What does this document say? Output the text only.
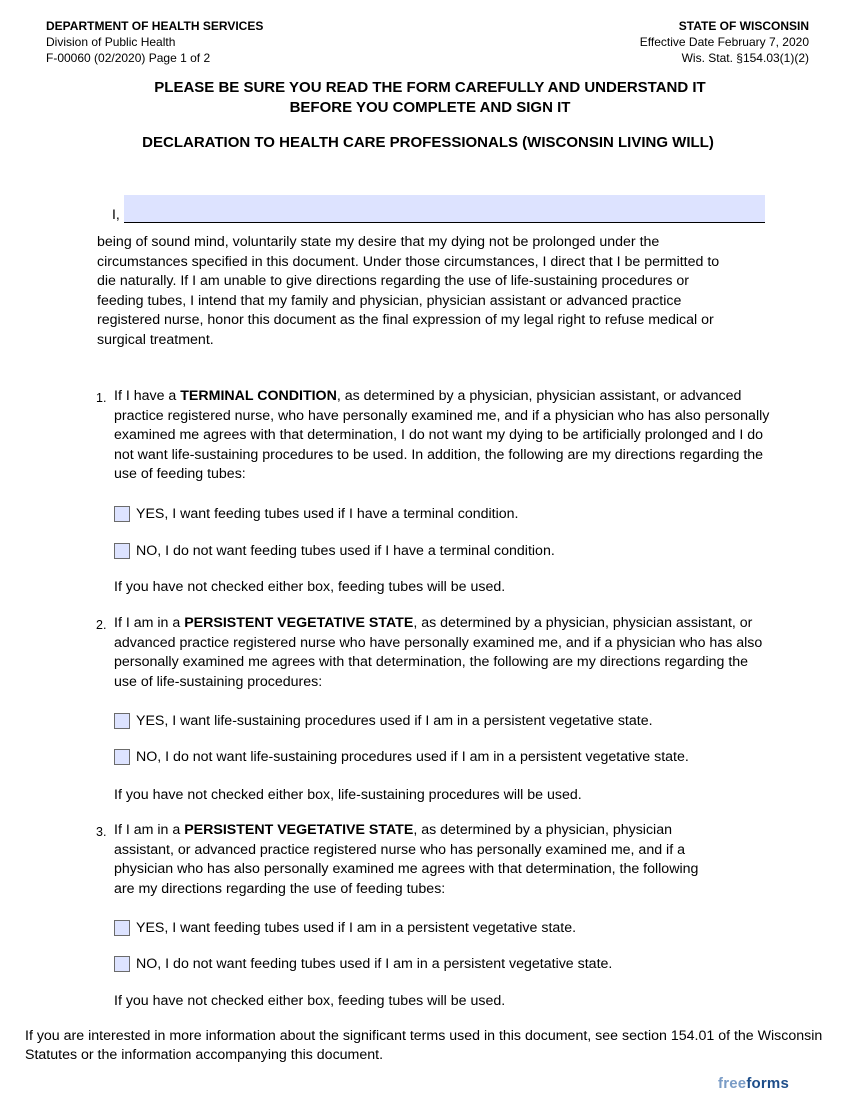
DEPARTMENT OF HEALTH SERVICES
Division of Public Health
F-00060 (02/2020) Page 1 of 2
STATE OF WISCONSIN
Effective Date February 7, 2020
Wis. Stat. §154.03(1)(2)
PLEASE BE SURE YOU READ THE FORM CAREFULLY AND UNDERSTAND IT
BEFORE YOU COMPLETE AND SIGN IT
DECLARATION TO HEALTH CARE PROFESSIONALS (WISCONSIN LIVING WILL)
I,
being of sound mind, voluntarily state my desire that my dying not be prolonged under the circumstances specified in this document. Under those circumstances, I direct that I be permitted to die naturally. If I am unable to give directions regarding the use of life-sustaining procedures or feeding tubes, I intend that my family and physician, physician assistant or advanced practice registered nurse, honor this document as the final expression of my legal right to refuse medical or surgical treatment.
1. If I have a TERMINAL CONDITION, as determined by a physician, physician assistant, or advanced practice registered nurse, who have personally examined me, and if a physician who has also personally examined me agrees with that determination, I do not want my dying to be artificially prolonged and I do not want life-sustaining procedures to be used. In addition, the following are my directions regarding the use of feeding tubes:
YES, I want feeding tubes used if I have a terminal condition.
NO, I do not want feeding tubes used if I have a terminal condition.
If you have not checked either box, feeding tubes will be used.
2. If I am in a PERSISTENT VEGETATIVE STATE, as determined by a physician, physician assistant, or advanced practice registered nurse who have personally examined me, and if a physician who has also personally examined me agrees with that determination, the following are my directions regarding the use of life-sustaining procedures:
YES, I want life-sustaining procedures used if I am in a persistent vegetative state.
NO, I do not want life-sustaining procedures used if I am in a persistent vegetative state.
If you have not checked either box, life-sustaining procedures will be used.
3. If I am in a PERSISTENT VEGETATIVE STATE, as determined by a physician, physician assistant, or advanced practice registered nurse who has personally examined me, and if a physician who has also personally examined me agrees with that determination, the following are my directions regarding the use of feeding tubes:
YES, I want feeding tubes used if I am in a persistent vegetative state.
NO, I do not want feeding tubes used if I am in a persistent vegetative state.
If you have not checked either box, feeding tubes will be used.
If you are interested in more information about the significant terms used in this document, see section 154.01 of the Wisconsin Statutes or the information accompanying this document.
freeforms
